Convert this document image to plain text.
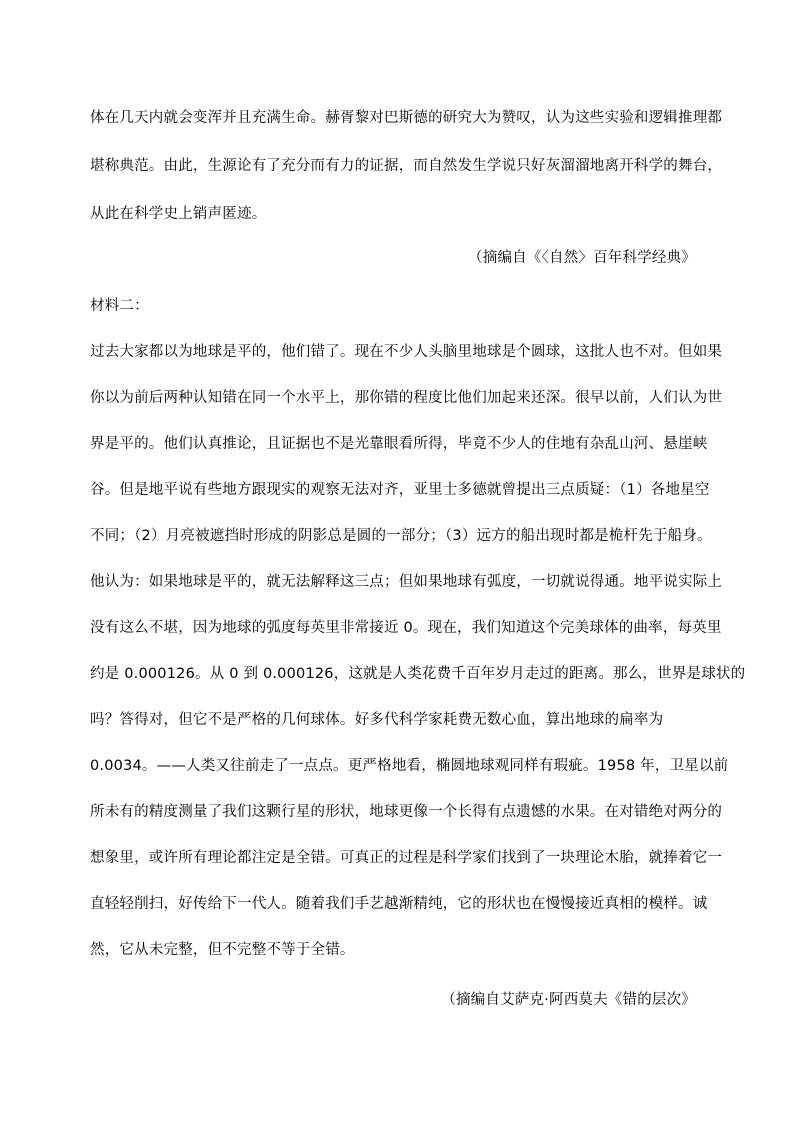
体在几天内就会变浑并且充满生命。赫胥黎对巴斯德的研究大为赞叹，认为这些实验和逻辑推理都
堪称典范。由此，生源论有了充分而有力的证据，而自然发生学说只好灰溜溜地离开科学的舞台，
从此在科学史上销声匿迹。
（摘编自《〈自然〉百年科学经典》
材料二：
过去大家都以为地球是平的，他们错了。现在不少人头脑里地球是个圆球，这批人也不对。但如果
你以为前后两种认知错在同一个水平上，那你错的程度比他们加起来还深。很早以前，人们认为世
界是平的。他们认真推论，且证据也不是光靠眼看所得，毕竟不少人的住地有杂乱山河、悬崖峡
谷。但是地平说有些地方跟现实的观察无法对齐，亚里士多德就曾提出三点质疑：（1）各地星空
不同；（2）月亮被遮挡时形成的阴影总是圆的一部分；（3）远方的船出现时都是桅杆先于船身。
他认为：如果地球是平的，就无法解释这三点；但如果地球有弧度，一切就说得通。地平说实际上
没有这么不堪，因为地球的弧度每英里非常接近 0。现在，我们知道这个完美球体的曲率，每英里
约是 0.000126。从 0 到 0.000126，这就是人类花费千百年岁月走过的距离。那么，世界是球状的
吗？答得对，但它不是严格的几何球体。好多代科学家耗费无数心血，算出地球的扁率为
0.0034。——人类又往前走了一点点。更严格地看，椭圆地球观同样有瑕疵。1958 年，卫星以前
所未有的精度测量了我们这颗行星的形状，地球更像一个长得有点遗憾的水果。在对错绝对两分的
想象里，或许所有理论都注定是全错。可真正的过程是科学家们找到了一块理论木胎，就捧着它一
直轻轻削扫，好传给下一代人。随着我们手艺越渐精纯，它的形状也在慢慢接近真相的模样。诚
然，它从未完整，但不完整不等于全错。
（摘编自艾萨克·阿西莫夫《错的层次》
